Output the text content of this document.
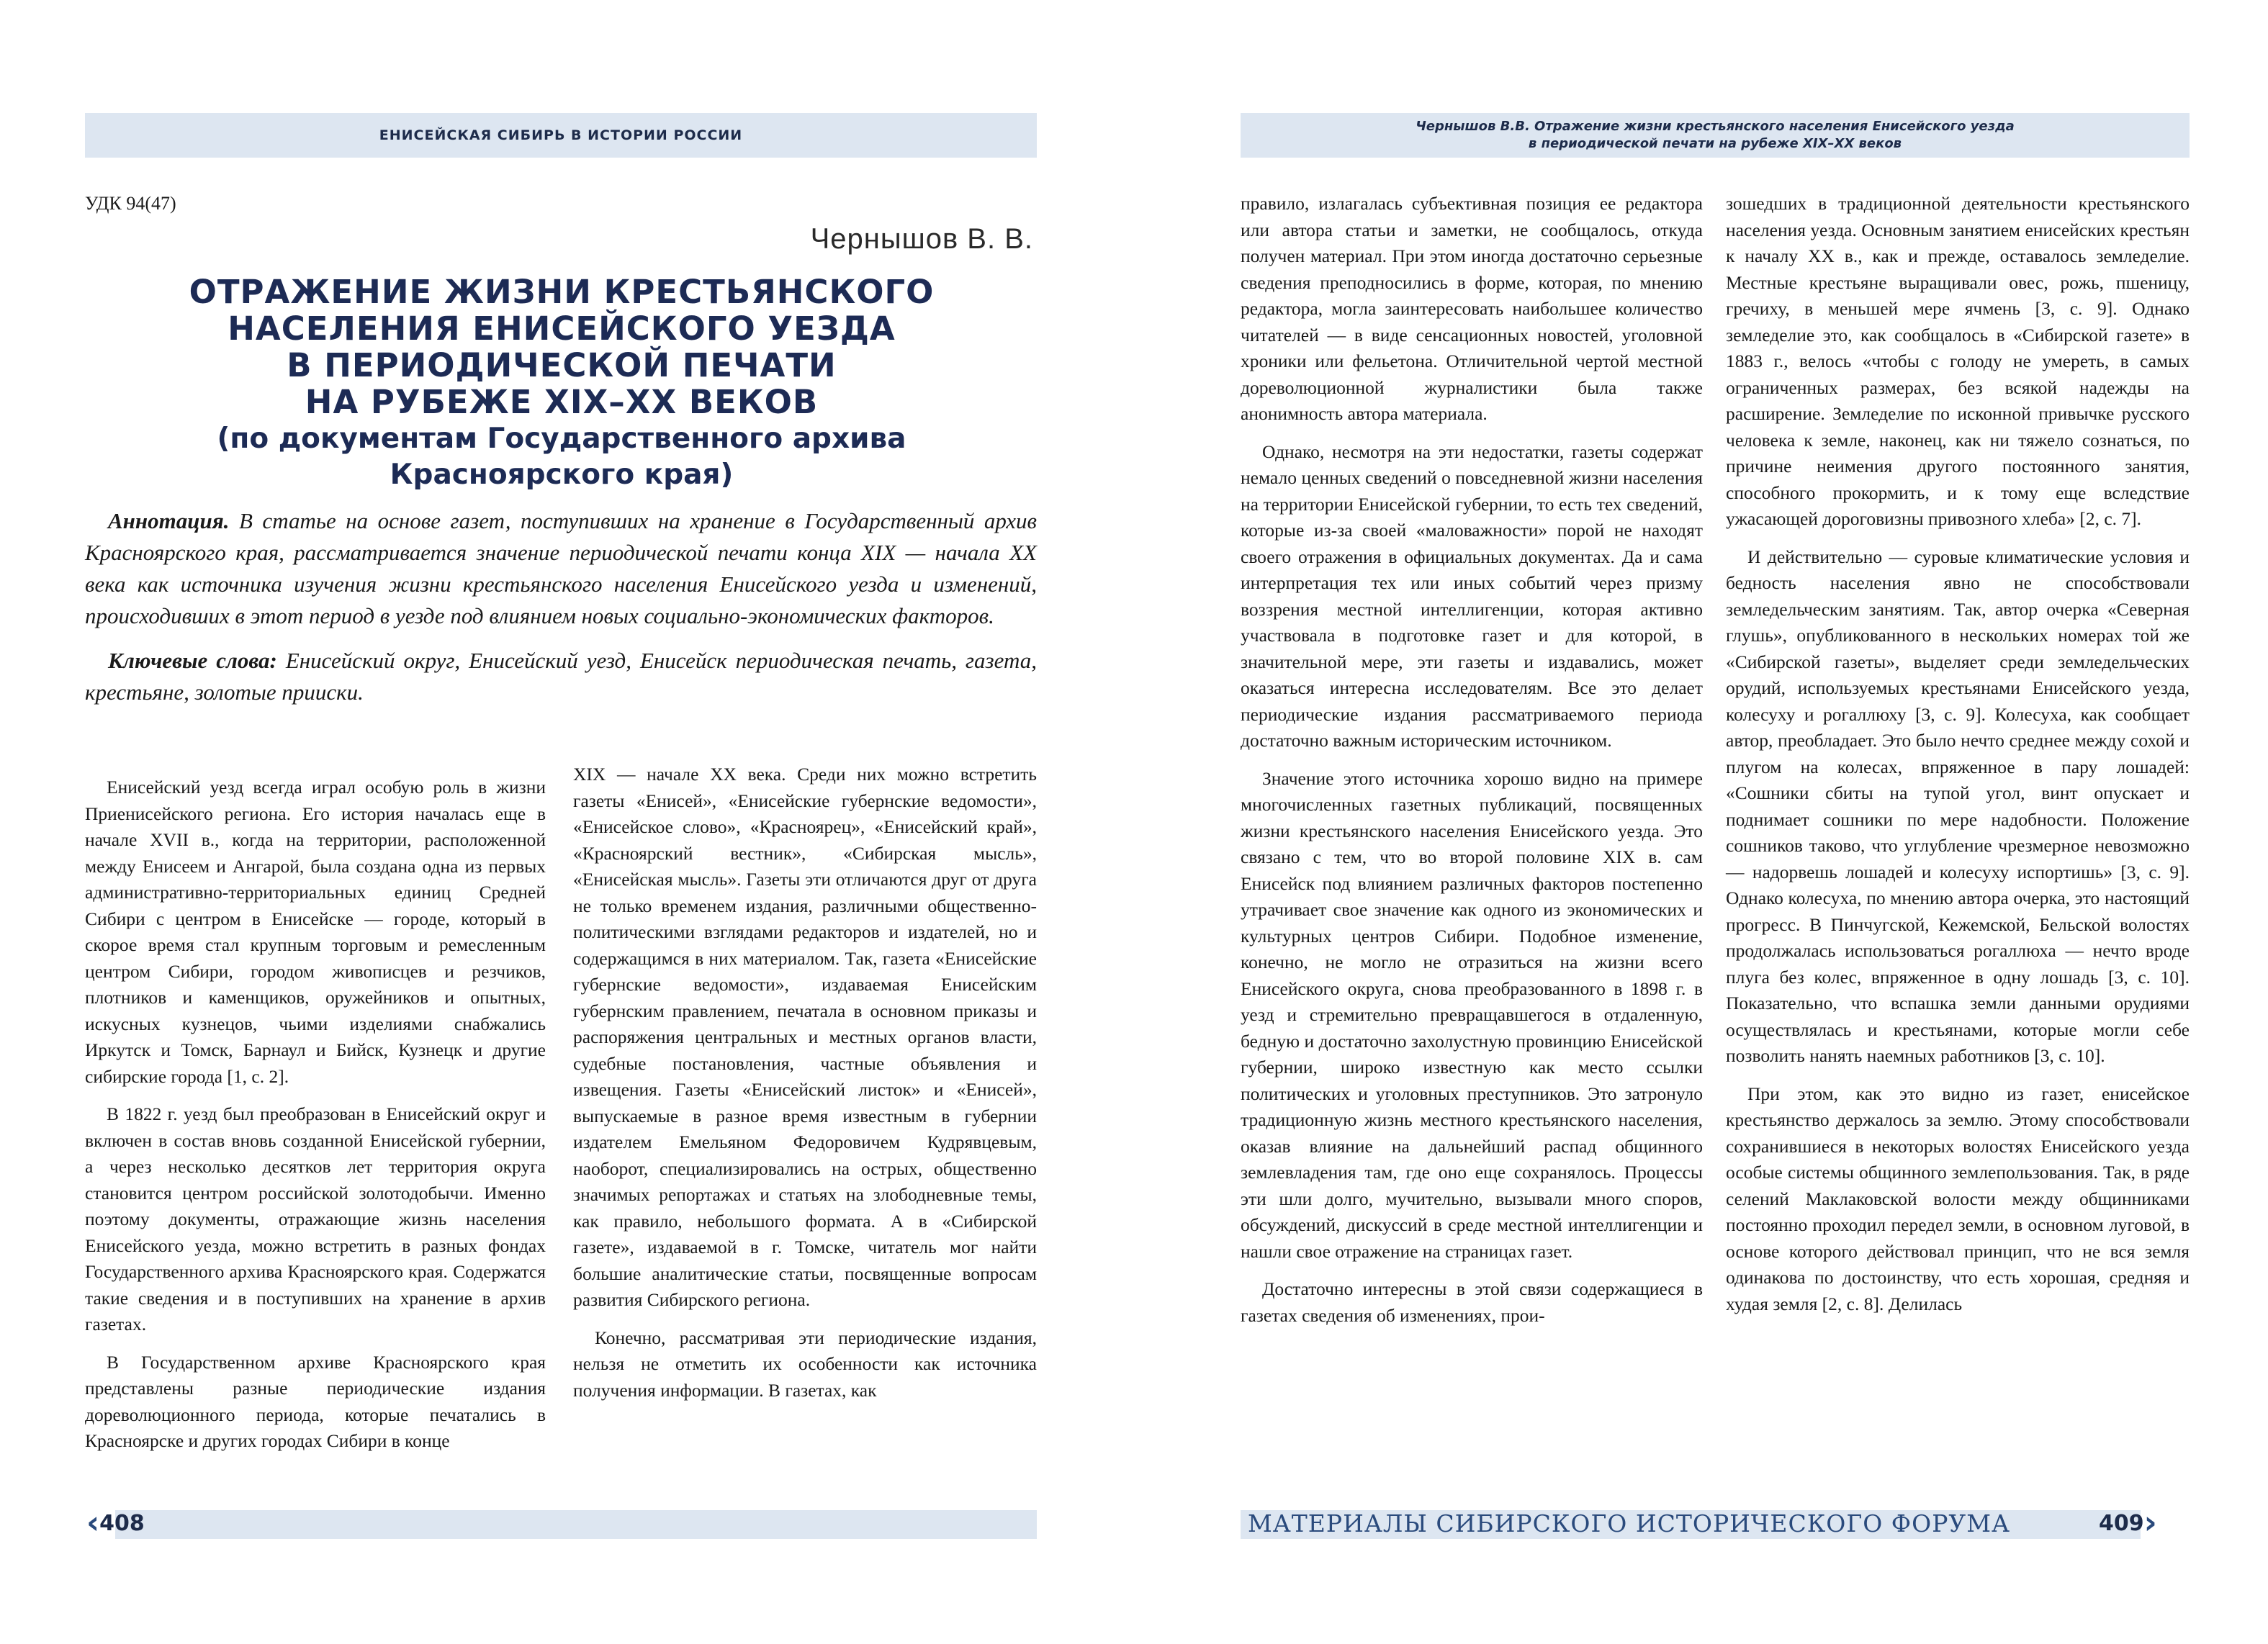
ЕНИСЕЙСКАЯ СИБИРЬ В ИСТОРИИ РОССИИ
УДК 94(47)
Чернышов В. В.
ОТРАЖЕНИЕ ЖИЗНИ КРЕСТЬЯНСКОГО
НАСЕЛЕНИЯ ЕНИСЕЙСКОГО УЕЗДА
В ПЕРИОДИЧЕСКОЙ ПЕЧАТИ
НА РУБЕЖЕ XIX–XX ВЕКОВ
(по документам Государственного архива
Красноярского края)

Аннотация. В статье на основе газет, поступивших на хранение в Государственный архив Красноярского края, рассматривается значение периодической печати конца XIX — начала XX века как источника изучения жизни крестьянского населения Енисейского уезда и изменений, происходивших в этот период в уезде под влиянием новых социально-экономических факторов.

Ключевые слова: Енисейский округ, Енисейский уезд, Енисейск периодическая печать, газета, крестьяне, золотые прииски.

Енисейский уезд всегда играл особую роль в жизни Приенисейского региона. Его история началась еще в начале XVII в., когда на территории, расположенной между Енисеем и Ангарой, была создана одна из первых административно-территориальных единиц Средней Сибири с центром в Енисейске — городе, который в скорое время стал крупным торговым и ремесленным центром Сибири, городом живописцев и резчиков, плотников и каменщиков, оружейников и опытных, искусных кузнецов, чьими изделиями снабжались Иркутск и Томск, Барнаул и Бийск, Кузнецк и другие сибирские города [1, с. 2].

В 1822 г. уезд был преобразован в Енисейский округ и включен в состав вновь созданной Енисейской губернии, а через несколько десятков лет территория округа становится центром российской золотодобычи. Именно поэтому документы, отражающие жизнь населения Енисейского уезда, можно встретить в разных фондах Государственного архива Красноярского края. Содержатся такие сведения и в поступивших на хранение в архив газетах.

В Государственном архиве Красноярского края представлены разные периодические издания дореволюционного периода, которые печатались в Красноярске и других городах Сибири в конце

XIX — начале XX века. Среди них можно встретить газеты «Енисей», «Енисейские губернские ведомости», «Енисейское слово», «Красноярец», «Енисейский край», «Красноярский вестник», «Сибирская мысль», «Енисейская мысль». Газеты эти отличаются друг от друга не только временем издания, различными общественно-политическими взглядами редакторов и издателей, но и содержащимся в них материалом. Так, газета «Енисейские губернские ведомости», издаваемая Енисейским губернским правлением, печатала в основном приказы и распоряжения центральных и местных органов власти, судебные постановления, частные объявления и извещения. Газеты «Енисейский листок» и «Енисей», выпускаемые в разное время известным в губернии издателем Емельяном Федоровичем Кудрявцевым, наоборот, специализировались на острых, общественно значимых репортажах и статьях на злободневные темы, как правило, небольшого формата. А в «Сибирской газете», издаваемой в г. Томске, читатель мог найти большие аналитические статьи, посвященные вопросам развития Сибирского региона.

Конечно, рассматривая эти периодические издания, нельзя не отметить их особенности как источника получения информации. В газетах, как

‹ 408
Чернышов В.В. Отражение жизни крестьянского населения Енисейского уезда
в периодической печати на рубеже XIX–XX веков

правило, излагалась субъективная позиция ее редактора или автора статьи и заметки, не сообщалось, откуда получен материал. При этом иногда достаточно серьезные сведения преподносились в форме, которая, по мнению редактора, могла заинтересовать наибольшее количество читателей — в виде сенсационных новостей, уголовной хроники или фельетона. Отличительной чертой местной дореволюционной журналистики была также анонимность автора материала.

Однако, несмотря на эти недостатки, газеты содержат немало ценных сведений о повседневной жизни населения на территории Енисейской губернии, то есть тех сведений, которые из-за своей «маловажности» порой не находят своего отражения в официальных документах. Да и сама интерпретация тех или иных событий через призму воззрения местной интеллигенции, которая активно участвовала в подготовке газет и для которой, в значительной мере, эти газеты и издавались, может оказаться интересна исследователям. Все это делает периодические издания рассматриваемого периода достаточно важным историческим источником.

Значение этого источника хорошо видно на примере многочисленных газетных публикаций, посвященных жизни крестьянского населения Енисейского уезда. Это связано с тем, что во второй половине XIX в. сам Енисейск под влиянием различных факторов постепенно утрачивает свое значение как одного из экономических и культурных центров Сибири. Подобное изменение, конечно, не могло не отразиться на жизни всего Енисейского округа, снова преобразованного в 1898 г. в уезд и стремительно превращавшегося в отдаленную, бедную и достаточно захолустную провинцию Енисейской губернии, широко известную как место ссылки политических и уголовных преступников. Это затронуло традиционную жизнь местного крестьянского населения, оказав влияние на дальнейший распад общинного землевладения там, где оно еще сохранялось. Процессы эти шли долго, мучительно, вызывали много споров, обсуждений, дискуссий в среде местной интеллигенции и нашли свое отражение на страницах газет.

Достаточно интересны в этой связи содержащиеся в газетах сведения об изменениях, прои-

зошедших в традиционной деятельности крестьянского населения уезда. Основным занятием енисейских крестьян к началу XX в., как и прежде, оставалось земледелие. Местные крестьяне выращивали овес, рожь, пшеницу, гречиху, в меньшей мере ячмень [3, с. 9]. Однако земледелие это, как сообщалось в «Сибирской газете» в 1883 г., велось «чтобы с голоду не умереть, в самых ограниченных размерах, без всякой надежды на расширение. Земледелие по исконной привычке русского человека к земле, наконец, как ни тяжело сознаться, по причине неимения другого постоянного занятия, способного прокормить, и к тому еще вследствие ужасающей дороговизны привозного хлеба» [2, с. 7].

И действительно — суровые климатические условия и бедность населения явно не способствовали земледельческим занятиям. Так, автор очерка «Северная глушь», опубликованного в нескольких номерах той же «Сибирской газеты», выделяет среди земледельческих орудий, используемых крестьянами Енисейского уезда, колесуху и рогаллюху [3, с. 9]. Колесуха, как сообщает автор, преобладает. Это было нечто среднее между сохой и плугом на колесах, впряженное в пару лошадей: «Сошники сбиты на тупой угол, винт опускает и поднимает сошники по мере надобности. Положение сошников таково, что углубление чрезмерное невозможно — надорвешь лошадей и колесуху испортишь» [3, с. 9]. Однако колесуха, по мнению автора очерка, это настоящий прогресс. В Пинчугской, Кежемской, Бельской волостях продолжалась использоваться рогаллюха — нечто вроде плуга без колес, впряженное в одну лошадь [3, с. 10]. Показательно, что вспашка земли данными орудиями осуществлялась и крестьянами, которые могли себе позволить нанять наемных работников [3, с. 10].

При этом, как это видно из газет, енисейское крестьянство держалось за землю. Этому способствовали сохранившиеся в некоторых волостях Енисейского уезда особые системы общинного землепользования. Так, в ряде селений Маклаковской волости между общинниками постоянно проходил передел земли, в основном луговой, в основе которого действовал принцип, что не вся земля одинакова по достоинству, что есть хорошая, средняя и худая земля [2, с. 8]. Делилась

МАТЕРИАЛЫ СИБИРСКОГО ИСТОРИЧЕСКОГО ФОРУМА	409 ›
